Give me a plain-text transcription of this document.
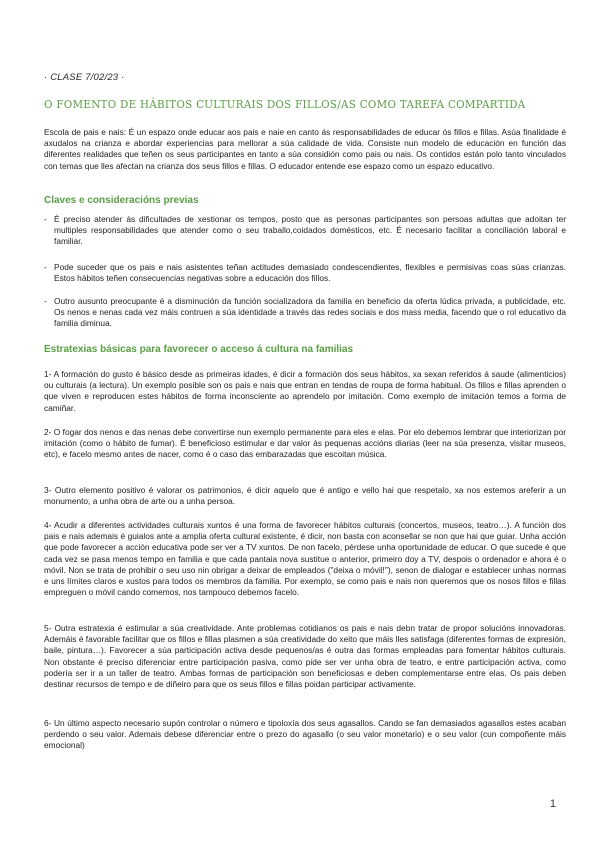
· CLASE 7/02/23 ·
O FOMENTO DE HÁBITOS CULTURAIS DOS FILLOS/AS COMO TAREFA COMPARTIDA
Escola de pais e nais: É un espazo onde educar aos pais e naie en canto ás responsabilidades de educar ós fillos e fillas. Asúa finalidade é axudalos na crianza e abordar experiencias para mellorar a súa calidade de vida. Consiste nun modelo de educación en función das diferentes realidades que teñen os seus participantes en tanto a súa considión como pais ou nais. Os contidos están polo tanto vinculados con temas que lles afectan na crianza dos seus fillos e fillas. O educador entende ese espazo como un espazo educativo.
Claves e consideracións previas
- É preciso atender ás dificultades de xestionar os tempos, posto que as personas participantes son persoas adultas que adoitan ter multiples responsabilidades que atender como o seu traballo,coidados domésticos, etc. É necesario facilitar a conciliación laboral e familiar.
- Pode suceder que os pais e nais asistentes teñan actitudes demasiado condescendientes, flexibles e permisivas coas súas crianzas. Estos hábitos teñen consecuencias negativas sobre a educación dos fillos.
- Outro ausunto preocupante é a disminución da función socializadora da familia en beneficio da oferta lúdica privada, a publicidade, etc. Os nenos e nenas cada vez máis contruen a súa identidade a través das redes sociais e dos mass media, facendo que o rol educativo da familia diminua.
Estratexias básicas para favorecer o acceso á cultura na familias
1- A formación do gusto é básico desde as primeiras idades, é dicir a formación dos seus hábitos, xa sexan referidos á saude (alimenticios) ou culturais (a lectura). Un exemplo posible son os pais e nais que entran en tendas de roupa de forma habitual. Os fillos e fillas aprenden o que viven e reproducen estes hábitos de forma inconsciente ao aprendelo por imitación. Como exemplo de imitación temos a forma de camiñar.
2- O fogar dos nenos e das nenas debe convertirse nun exemplo permanente para eles e elas. Por elo debemos lembrar que interiorizan por imitación (como o hábito de fumar). É beneficioso estimular e dar valor ás pequenas accións diarias (leer na súa presenza, visitar museos, etc), e facelo mesmo antes de nacer, como é o caso das embarazadas que escoitan música.
3- Outro elemento positivo é valorar os patrimonios, é dicir aquelo que é antigo e vello hai que respetalo, xa nos estemos areferir a un monumento, a unha obra de arte ou a unha persoa.
4- Acudir a diferentes actividades culturais xuntos é una forma de favorecer hábitos culturais (concertos, museos, teatro…). A función dos pais e nais ademais é guialos ante a amplia oferta cultural existente, é dicir, non basta con aconsellar se non que hai que guiar. Unha acción que pode favorecer a acción educativa pode ser ver a TV xuntos. De non facelo, pérdese unha oportunidade de educar. O que sucede é que cada vez se pasa menos tempo en familia e que cada pantaia nova sustitue o anterior, primeiro doy a TV, despois o ordenador e ahora é o móvil. Non se trata de prohibir o seu uso nin obrigar a deixar de empleados ("deixa o móvil!"), senon de dialogar e establecer unhas normas e uns límites claros e xustos para todos os membros da familia. Por exemplo, se como pais e nais non queremos que os nosos fillos e fillas empreguen o móvil cando comemos, nos tampouco debemos facelo.
5- Outra estratexia é estimular a súa creatividade. Ante problemas cotidianos os pais e nais debn tratar de propor solucións innovadoras. Ademáis é favorable facilitar que os fillos e fillas plasmen a súa creatividade do xeito que máis lles satisfaga (diferentes formas de expresión, baile, pintura…). Favorecer a súa participación activa desde pequenos/as é outra das formas empleadas para fomentar hábitos culturais. Non obstante é preciso diferenciar entre participación pasiva, como pide ser ver unha obra de teatro, e entre participación activa, como podería ser ir a un taller de teatro. Ambas formas de participación son beneficiosas e deben complementarse entre elas. Os pais deben destinar recursos de tempo e de diñeiro para que os seus fillos e fillas poidan participar activamente.
6- Un último aspecto necesario supón controlar o número e tipoloxía dos seus agasallos. Cando se fan demasiados agasallos estes acaban perdendo o seu valor. Ademais debese diferenciar entre o prezo do agasallo (o seu valor monetario) e o seu valor (cun compoñente máis emocional)
1
